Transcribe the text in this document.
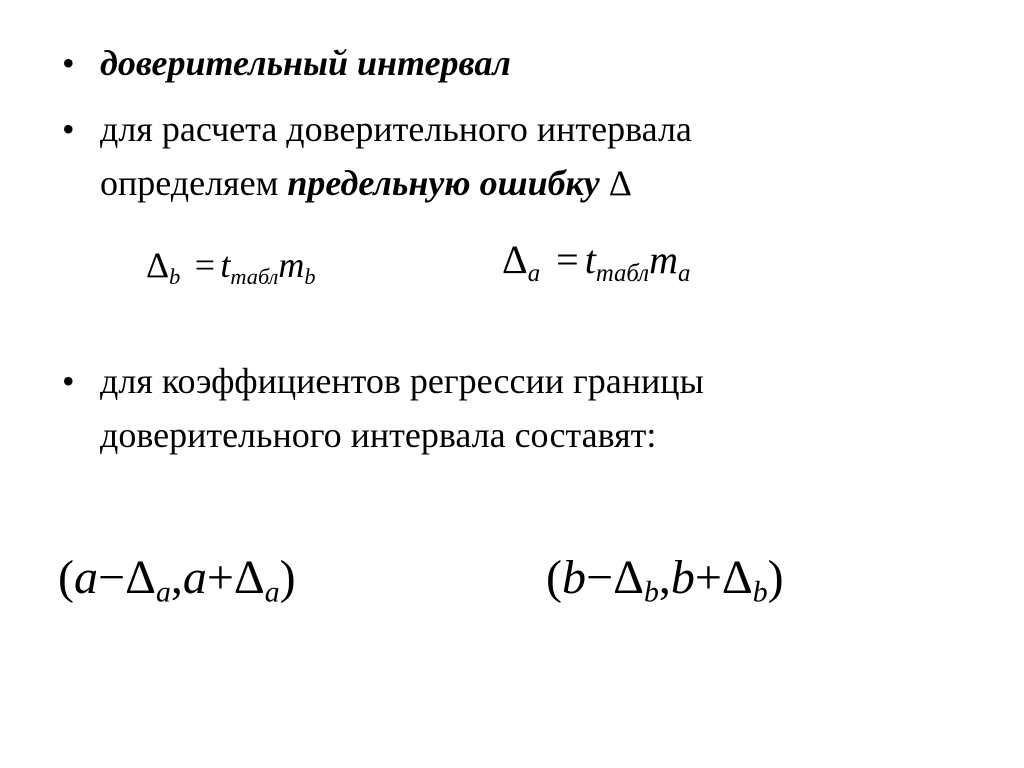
• доверительный интервал
• для расчета доверительного интервала
определяем предельную ошибку Δ
$\Delta_b = t_{табл}m_b$	$\Delta_a = t_{табл}m_a$
• для коэффициентов регрессии границы
доверительного интервала составят:
(a−Δa,a+Δa)	(b−Δb,b+Δb)
